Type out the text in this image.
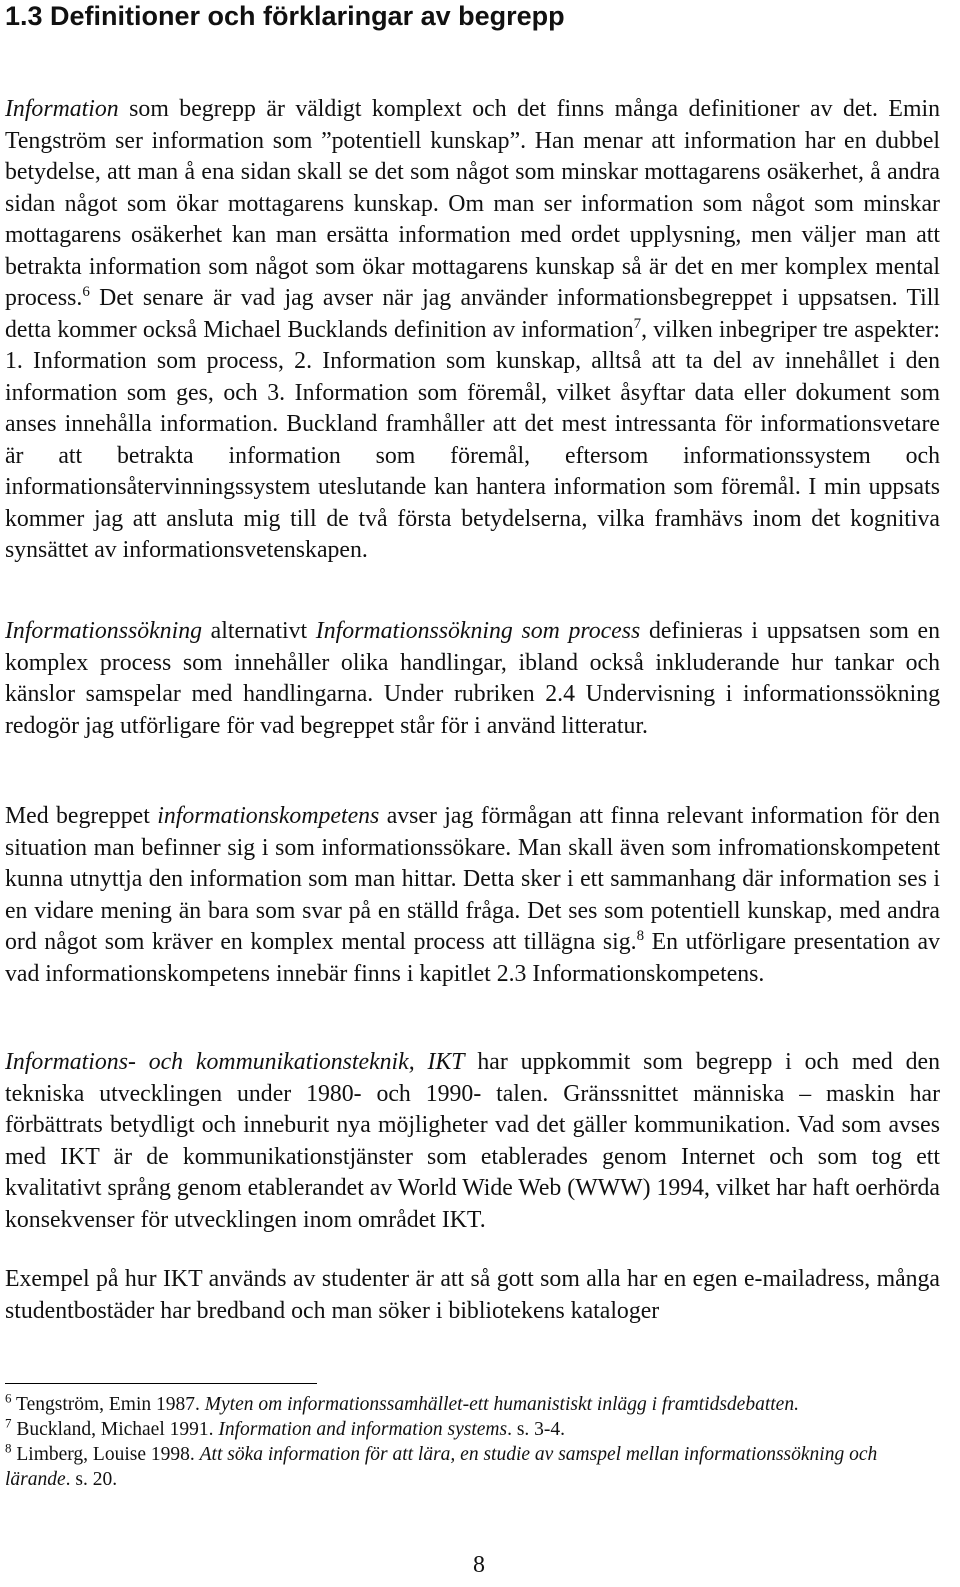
1.3 Definitioner och förklaringar av begrepp
Information som begrepp är väldigt komplext och det finns många definitioner av det. Emin Tengström ser information som ”potentiell kunskap”. Han menar att information har en dubbel betydelse, att man å ena sidan skall se det som något som minskar mottagarens osäkerhet, å andra sidan något som ökar mottagarens kunskap. Om man ser information som något som minskar mottagarens osäkerhet kan man ersätta information med ordet upplysning, men väljer man att betrakta information som något som ökar mottagarens kunskap så är det en mer komplex mental process.$^6$ Det senare är vad jag avser när jag använder informationsbegreppet i uppsatsen. Till detta kommer också Michael Bucklands definition av information$^7$, vilken inbegriper tre aspekter: 1. Information som process, 2. Information som kunskap, alltså att ta del av innehållet i den information som ges, och 3. Information som föremål, vilket åsyftar data eller dokument som anses innehålla information. Buckland framhåller att det mest intressanta för informationsvetare är att betrakta information som föremål, eftersom informationssystem och informationsåtervinningssystem uteslutande kan hantera information som föremål. I min uppsats kommer jag att ansluta mig till de två första betydelserna, vilka framhävs inom det kognitiva synsättet av informationsvetenskapen.
Informationssökning alternativt Informationssökning som process definieras i uppsatsen som en komplex process som innehåller olika handlingar, ibland också inkluderande hur tankar och känslor samspelar med handlingarna. Under rubriken 2.4 Undervisning i informationssökning redogör jag utförligare för vad begreppet står för i använd litteratur.
Med begreppet informationskompetens avser jag förmågan att finna relevant information för den situation man befinner sig i som informationssökare. Man skall även som infromationskompetent kunna utnyttja den information som man hittar. Detta sker i ett sammanhang där information ses i en vidare mening än bara som svar på en ställd fråga. Det ses som potentiell kunskap, med andra ord något som kräver en komplex mental process att tillägna sig.$^8$ En utförligare presentation av vad informationskompetens innebär finns i kapitlet 2.3 Informationskompetens.
Informations- och kommunikationsteknik, IKT har uppkommit som begrepp i och med den tekniska utvecklingen under 1980- och 1990- talen. Gränssnittet människa – maskin har förbättrats betydligt och inneburit nya möjligheter vad det gäller kommunikation. Vad som avses med IKT är de kommunikationstjänster som etablerades genom Internet och som tog ett kvalitativt språng genom etablerandet av World Wide Web (WWW) 1994, vilket har haft oerhörda konsekvenser för utvecklingen inom området IKT.
Exempel på hur IKT används av studenter är att så gott som alla har en egen e-mailadress, många studentbostäder har bredband och man söker i bibliotekens kataloger

$^6$ Tengström, Emin 1987. Myten om informationssamhället-ett humanistiskt inlägg i framtidsdebatten.

$^7$ Buckland, Michael 1991. Information and information systems. s. 3-4.

$^8$ Limberg, Louise 1998. Att söka information för att lära, en studie av samspel mellan informationssökning och lärande. s. 20.

8
